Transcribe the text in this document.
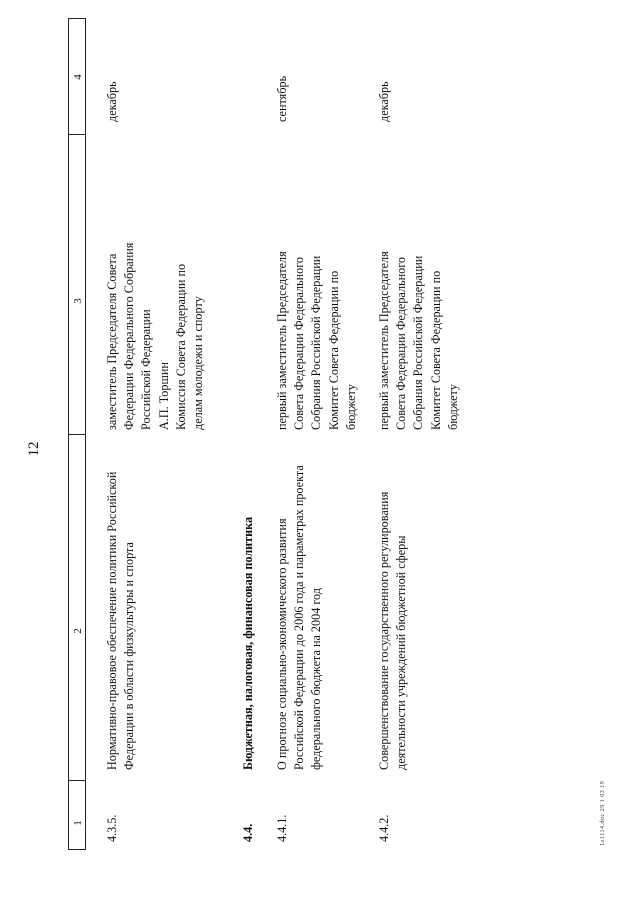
12
1
2
3
4
4.3.5.
Нормативно-правовое обеспечение политики Российской Федерации в области физкультуры и спорта
заместитель Председателя Совета Федерации Федерального Собрания Российской Федерации А.П. Торшин Комиссия Совета Федерации по делам молодежи и спорту
декабрь
4.4.
Бюджетная, налоговая, финансовая политика
4.4.1.
О прогнозе социально-экономического развития Российской Федерации до 2006 года и параметрах проекта федерального бюджета на 2004 год
первый заместитель Председателя Совета Федерации Федерального Собрания Российской Федерации Комитет Совета Федерации по бюджету
сентябрь
4.4.2.
Совершенствование государственного регулирования деятельности учреждений бюджетной сферы
первый заместитель Председателя Совета Федерации Федерального Собрания Российской Федерации Комитет Совета Федерации по бюджету
декабрь
1o1114.doc 29 1 03 19
